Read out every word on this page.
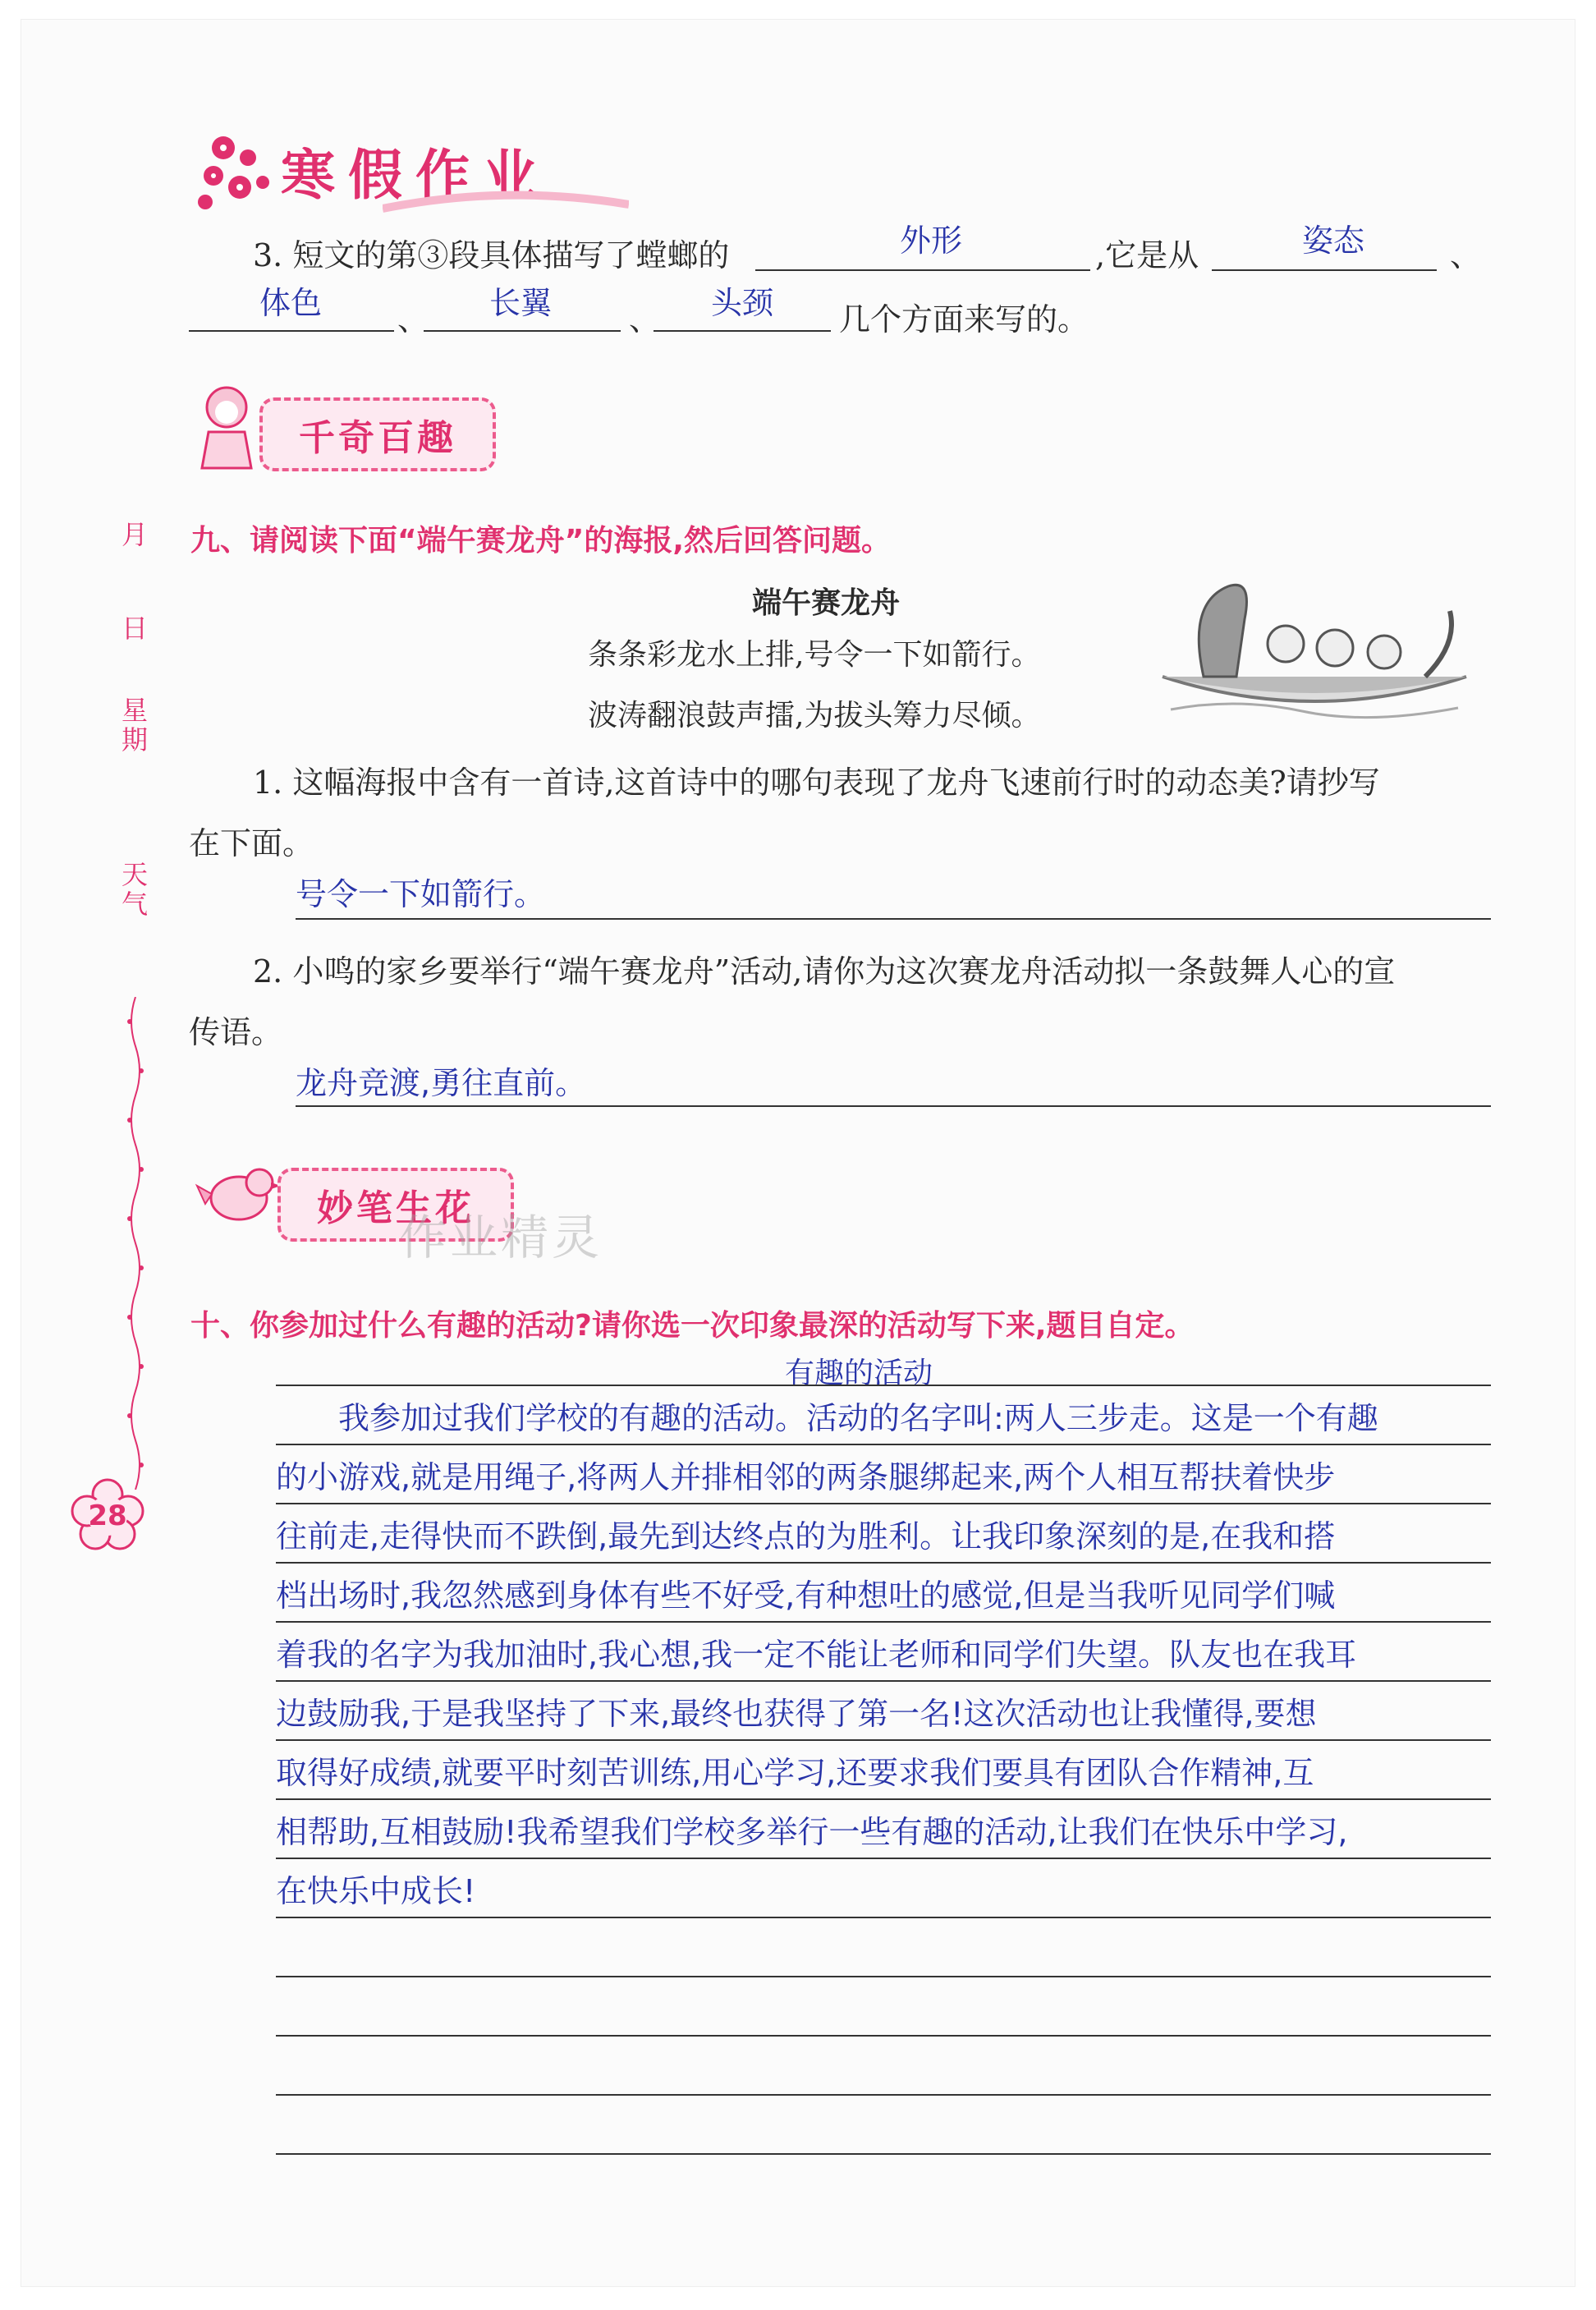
寒假作业
3. 短文的第③段具体描写了螳螂的	外形	,它是从	姿态	、
体色 、 长翼 、 头颈 几个方面来写的。
千奇百趣
月
日
星
期
天
气
28
九、请阅读下面“端午赛龙舟”的海报,然后回答问题。
端午赛龙舟
条条彩龙水上排,号令一下如箭行。
波涛翻浪鼓声擂,为拔头筹力尽倾。
1. 这幅海报中含有一首诗,这首诗中的哪句表现了龙舟飞速前行时的动态美?请抄写
在下面。
号令一下如箭行。
2. 小鸣的家乡要举行“端午赛龙舟”活动,请你为这次赛龙舟活动拟一条鼓舞人心的宣
传语。
龙舟竞渡,勇往直前。
妙笔生花
作业精灵
十、你参加过什么有趣的活动?请你选一次印象最深的活动写下来,题目自定。
有趣的活动
　　我参加过我们学校的有趣的活动。活动的名字叫:两人三步走。这是一个有趣
的小游戏,就是用绳子,将两人并排相邻的两条腿绑起来,两个人相互帮扶着快步
往前走,走得快而不跌倒,最先到达终点的为胜利。让我印象深刻的是,在我和搭
档出场时,我忽然感到身体有些不好受,有种想吐的感觉,但是当我听见同学们喊
着我的名字为我加油时,我心想,我一定不能让老师和同学们失望。队友也在我耳
边鼓励我,于是我坚持了下来,最终也获得了第一名!这次活动也让我懂得,要想
取得好成绩,就要平时刻苦训练,用心学习,还要求我们要具有团队合作精神,互
相帮助,互相鼓励!我希望我们学校多举行一些有趣的活动,让我们在快乐中学习,
在快乐中成长!
